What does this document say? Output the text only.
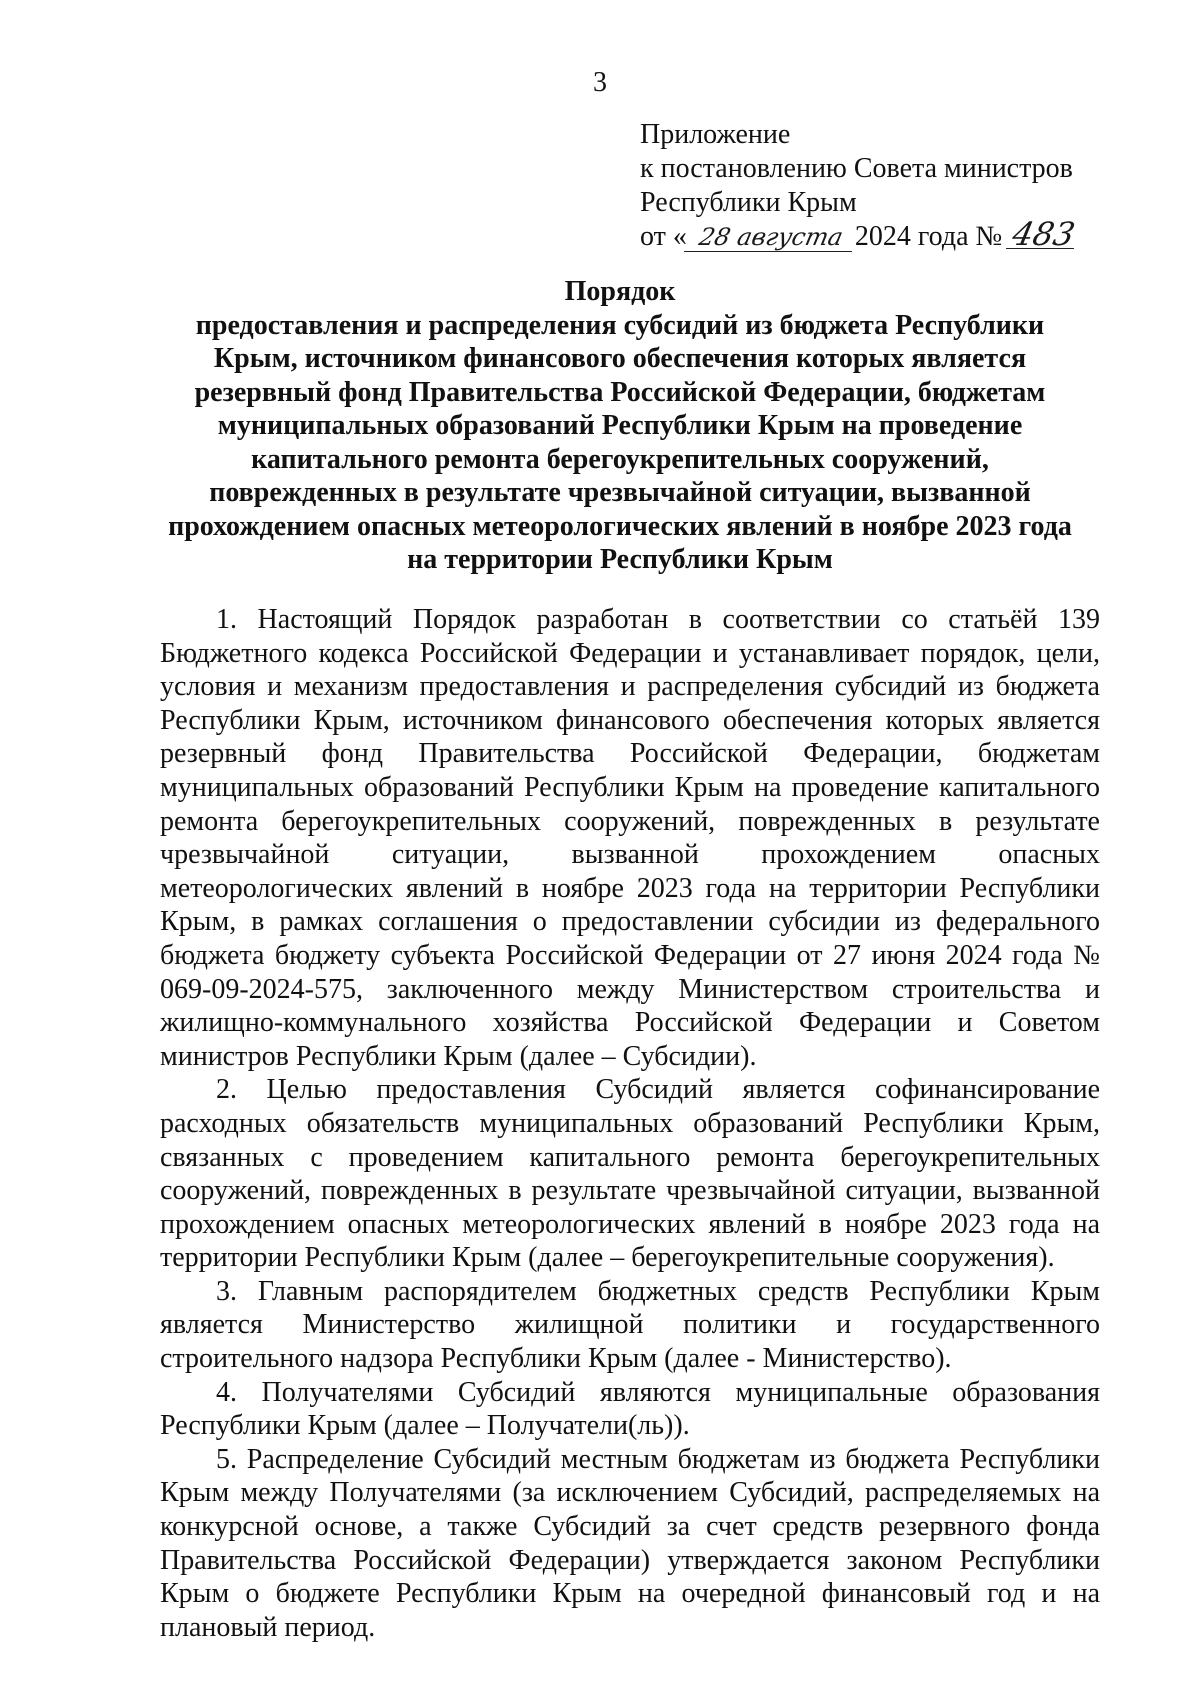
3
Приложение
к постановлению Совета министров
Республики Крым
от « 28 августа 2024 года № 483
Порядок
предоставления и распределения субсидий из бюджета Республики
Крым, источником финансового обеспечения которых является
резервный фонд Правительства Российской Федерации, бюджетам
муниципальных образований Республики Крым на проведение
капитального ремонта берегоукрепительных сооружений,
поврежденных в результате чрезвычайной ситуации, вызванной
прохождением опасных метеорологических явлений в ноябре 2023 года
на территории Республики Крым

1. Настоящий Порядок разработан в соответствии со статьёй 139 Бюджетного кодекса Российской Федерации и устанавливает порядок, цели, условия и механизм предоставления и распределения субсидий из бюджета Республики Крым, источником финансового обеспечения которых является резервный фонд Правительства Российской Федерации, бюджетам муниципальных образований Республики Крым на проведение капитального ремонта берегоукрепительных сооружений, поврежденных в результате чрезвычайной ситуации, вызванной прохождением опасных метеорологических явлений в ноябре 2023 года на территории Республики Крым, в рамках соглашения о предоставлении субсидии из федерального бюджета бюджету субъекта Российской Федерации от 27 июня 2024 года № 069-09-2024-575, заключенного между Министерством строительства и жилищно-коммунального хозяйства Российской Федерации и Советом министров Республики Крым (далее – Субсидии).

2. Целью предоставления Субсидий является софинансирование расходных обязательств муниципальных образований Республики Крым, связанных с проведением капитального ремонта берегоукрепительных сооружений, поврежденных в результате чрезвычайной ситуации, вызванной прохождением опасных метеорологических явлений в ноябре 2023 года на территории Республики Крым (далее – берегоукрепительные сооружения).

3. Главным распорядителем бюджетных средств Республики Крым является Министерство жилищной политики и государственного строительного надзора Республики Крым (далее - Министерство).

4. Получателями Субсидий являются муниципальные образования Республики Крым (далее – Получатели(ль)).

5. Распределение Субсидий местным бюджетам из бюджета Республики Крым между Получателями (за исключением Субсидий, распределяемых на конкурсной основе, а также Субсидий за счет средств резервного фонда Правительства Российской Федерации) утверждается законом Республики Крым о бюджете Республики Крым на очередной финансовый год и на плановый период.
